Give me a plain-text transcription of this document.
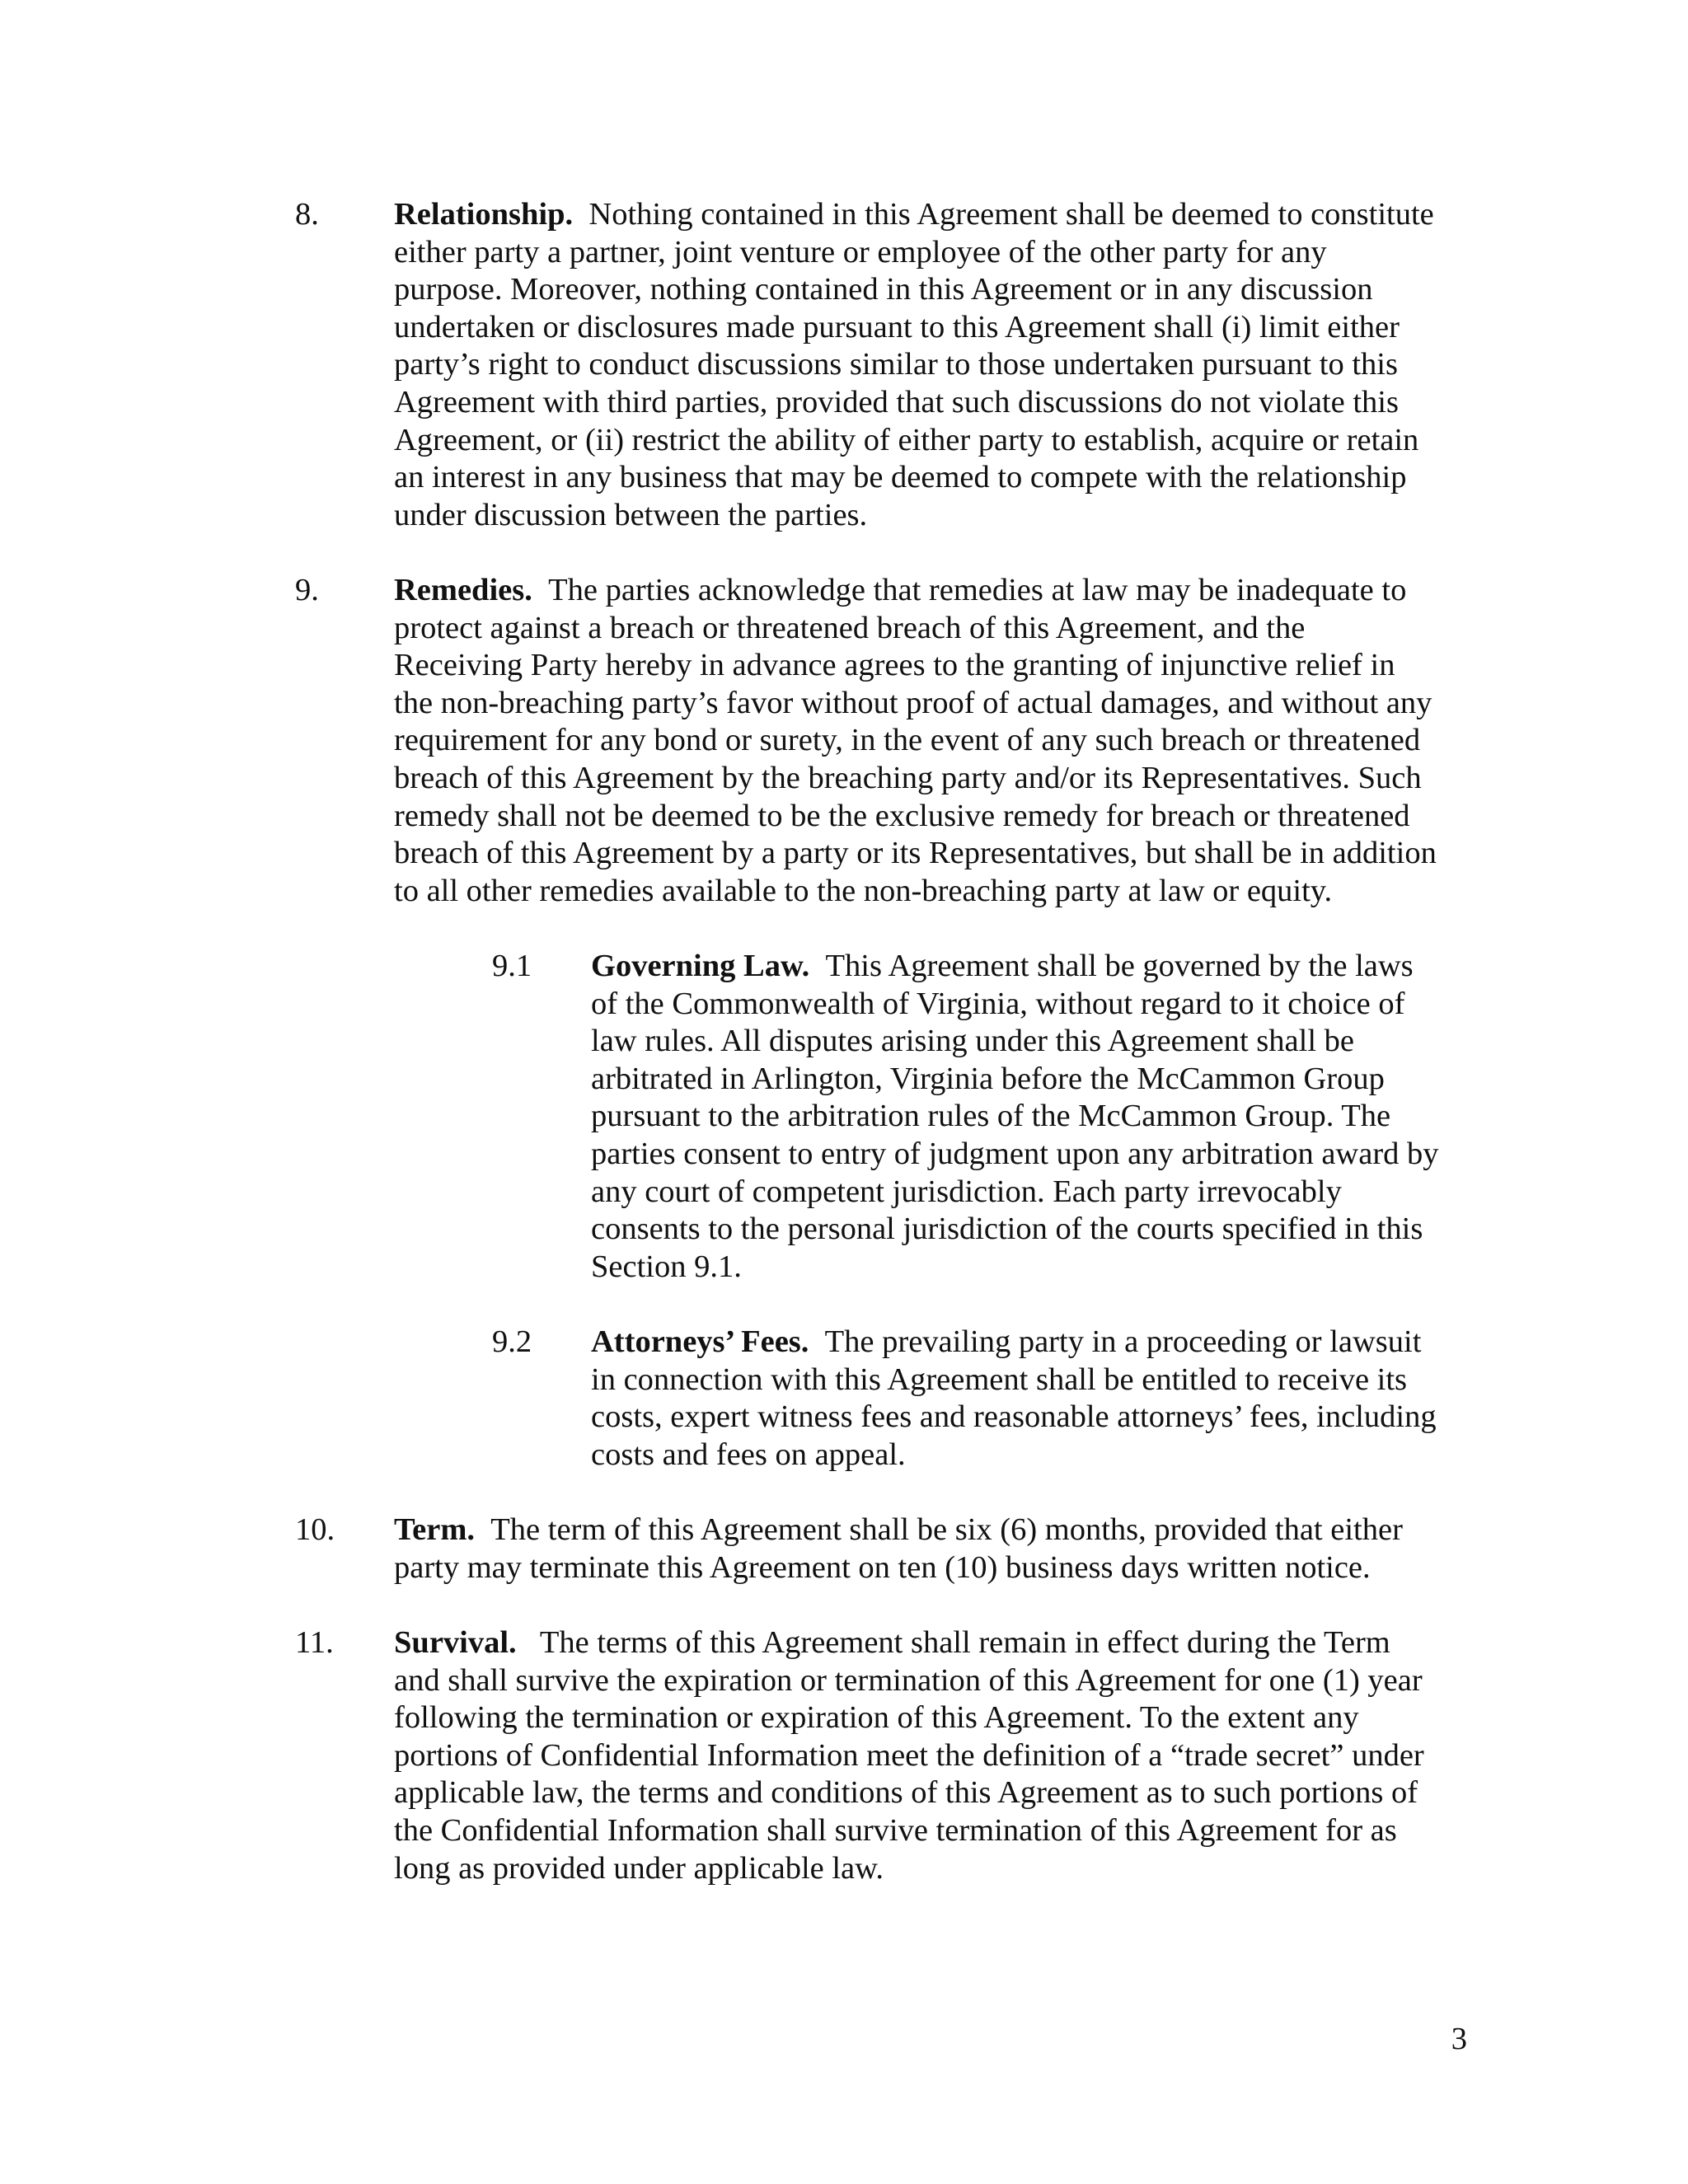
8. Relationship. Nothing contained in this Agreement shall be deemed to constitute
either party a partner, joint venture or employee of the other party for any
purpose. Moreover, nothing contained in this Agreement or in any discussion
undertaken or disclosures made pursuant to this Agreement shall (i) limit either
party’s right to conduct discussions similar to those undertaken pursuant to this
Agreement with third parties, provided that such discussions do not violate this
Agreement, or (ii) restrict the ability of either party to establish, acquire or retain
an interest in any business that may be deemed to compete with the relationship
under discussion between the parties.
9. Remedies. The parties acknowledge that remedies at law may be inadequate to
protect against a breach or threatened breach of this Agreement, and the
Receiving Party hereby in advance agrees to the granting of injunctive relief in
the non-breaching party’s favor without proof of actual damages, and without any
requirement for any bond or surety, in the event of any such breach or threatened
breach of this Agreement by the breaching party and/or its Representatives. Such
remedy shall not be deemed to be the exclusive remedy for breach or threatened
breach of this Agreement by a party or its Representatives, but shall be in addition
to all other remedies available to the non-breaching party at law or equity.
9.1 Governing Law. This Agreement shall be governed by the laws
of the Commonwealth of Virginia, without regard to it choice of
law rules. All disputes arising under this Agreement shall be
arbitrated in Arlington, Virginia before the McCammon Group
pursuant to the arbitration rules of the McCammon Group. The
parties consent to entry of judgment upon any arbitration award by
any court of competent jurisdiction. Each party irrevocably
consents to the personal jurisdiction of the courts specified in this
Section 9.1.
9.2 Attorneys’ Fees. The prevailing party in a proceeding or lawsuit
in connection with this Agreement shall be entitled to receive its
costs, expert witness fees and reasonable attorneys’ fees, including
costs and fees on appeal.
10. Term. The term of this Agreement shall be six (6) months, provided that either
party may terminate this Agreement on ten (10) business days written notice.
11. Survival.   The terms of this Agreement shall remain in effect during the Term
and shall survive the expiration or termination of this Agreement for one (1) year
following the termination or expiration of this Agreement. To the extent any
portions of Confidential Information meet the definition of a “trade secret” under
applicable law, the terms and conditions of this Agreement as to such portions of
the Confidential Information shall survive termination of this Agreement for as
long as provided under applicable law.
3
